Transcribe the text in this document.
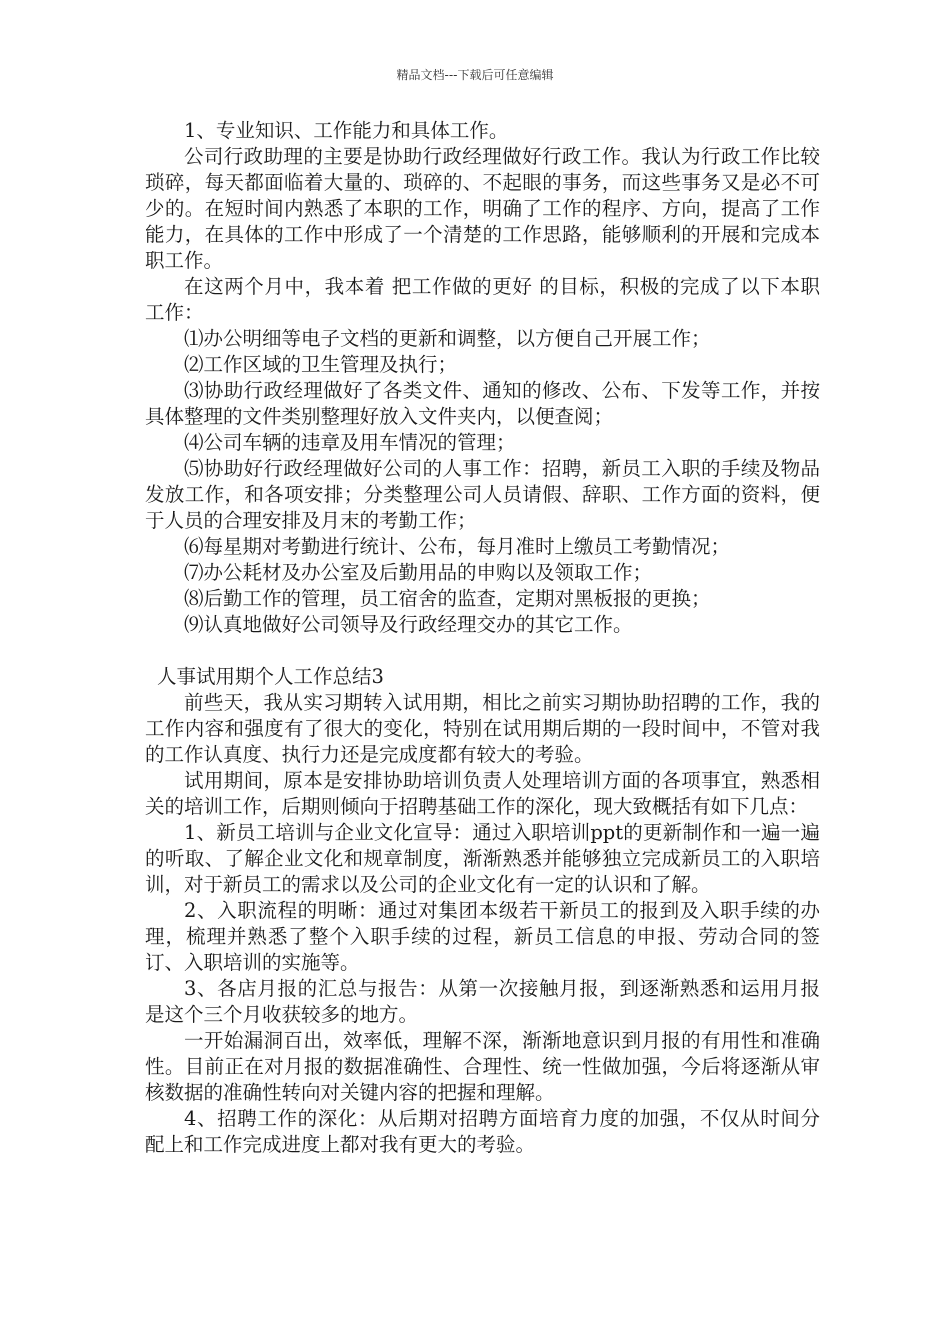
精品文档---下载后可任意编辑

1、专业知识、工作能力和具体工作。

公司行政助理的主要是协助行政经理做好行政工作。我认为行政工作比较琐碎，每天都面临着大量的、琐碎的、不起眼的事务，而这些事务又是必不可少的。在短时间内熟悉了本职的工作，明确了工作的程序、方向，提高了工作能力，在具体的工作中形成了一个清楚的工作思路，能够顺利的开展和完成本职工作。

在这两个月中，我本着 把工作做的更好 的目标，积极的完成了以下本职工作：

⑴办公明细等电子文档的更新和调整，以方便自己开展工作；

⑵工作区域的卫生管理及执行；

⑶协助行政经理做好了各类文件、通知的修改、公布、下发等工作，并按具体整理的文件类别整理好放入文件夹内，以便查阅；

⑷公司车辆的违章及用车情况的管理；

⑸协助好行政经理做好公司的人事工作：招聘，新员工入职的手续及物品发放工作，和各项安排；分类整理公司人员请假、辞职、工作方面的资料，便于人员的合理安排及月末的考勤工作；

⑹每星期对考勤进行统计、公布，每月准时上缴员工考勤情况；

⑺办公耗材及办公室及后勤用品的申购以及领取工作；

⑻后勤工作的管理，员工宿舍的监查，定期对黑板报的更换；

⑼认真地做好公司领导及行政经理交办的其它工作。

人事试用期个人工作总结3

前些天，我从实习期转入试用期，相比之前实习期协助招聘的工作，我的工作内容和强度有了很大的变化，特别在试用期后期的一段时间中，不管对我的工作认真度、执行力还是完成度都有较大的考验。

试用期间，原本是安排协助培训负责人处理培训方面的各项事宜，熟悉相关的培训工作，后期则倾向于招聘基础工作的深化，现大致概括有如下几点：

1、新员工培训与企业文化宣导：通过入职培训ppt的更新制作和一遍一遍的听取、了解企业文化和规章制度，渐渐熟悉并能够独立完成新员工的入职培训，对于新员工的需求以及公司的企业文化有一定的认识和了解。

2、入职流程的明晰：通过对集团本级若干新员工的报到及入职手续的办理，梳理并熟悉了整个入职手续的过程，新员工信息的申报、劳动合同的签订、入职培训的实施等。

3、各店月报的汇总与报告：从第一次接触月报，到逐渐熟悉和运用月报是这个三个月收获较多的地方。

一开始漏洞百出，效率低，理解不深，渐渐地意识到月报的有用性和准确性。目前正在对月报的数据准确性、合理性、统一性做加强，今后将逐渐从审核数据的准确性转向对关键内容的把握和理解。

4、招聘工作的深化：从后期对招聘方面培育力度的加强，不仅从时间分配上和工作完成进度上都对我有更大的考验。
